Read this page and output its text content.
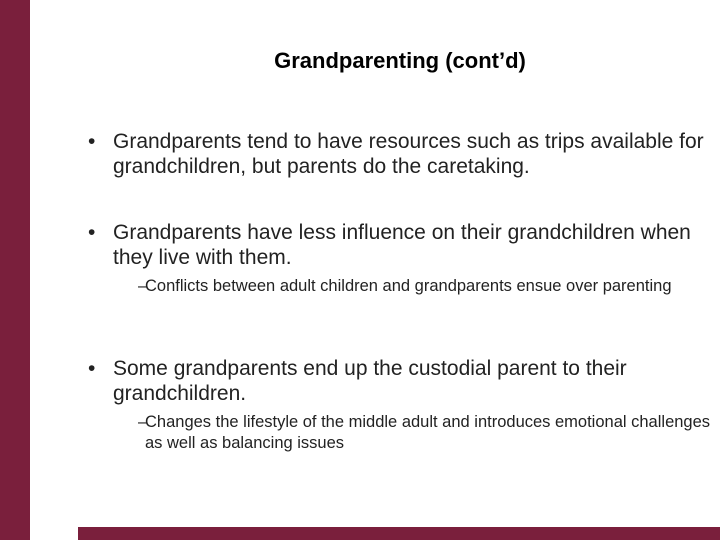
Grandparenting (cont’d)
• Grandparents tend to have resources such as trips available for grandchildren, but parents do the caretaking.
• Grandparents have less influence on their grandchildren when they live with them.
–
Conflicts between adult children and grandparents ensue over parenting
• Some grandparents end up the custodial parent to their grandchildren.
–
Changes the lifestyle of the middle adult and introduces emotional challenges as well as balancing issues
